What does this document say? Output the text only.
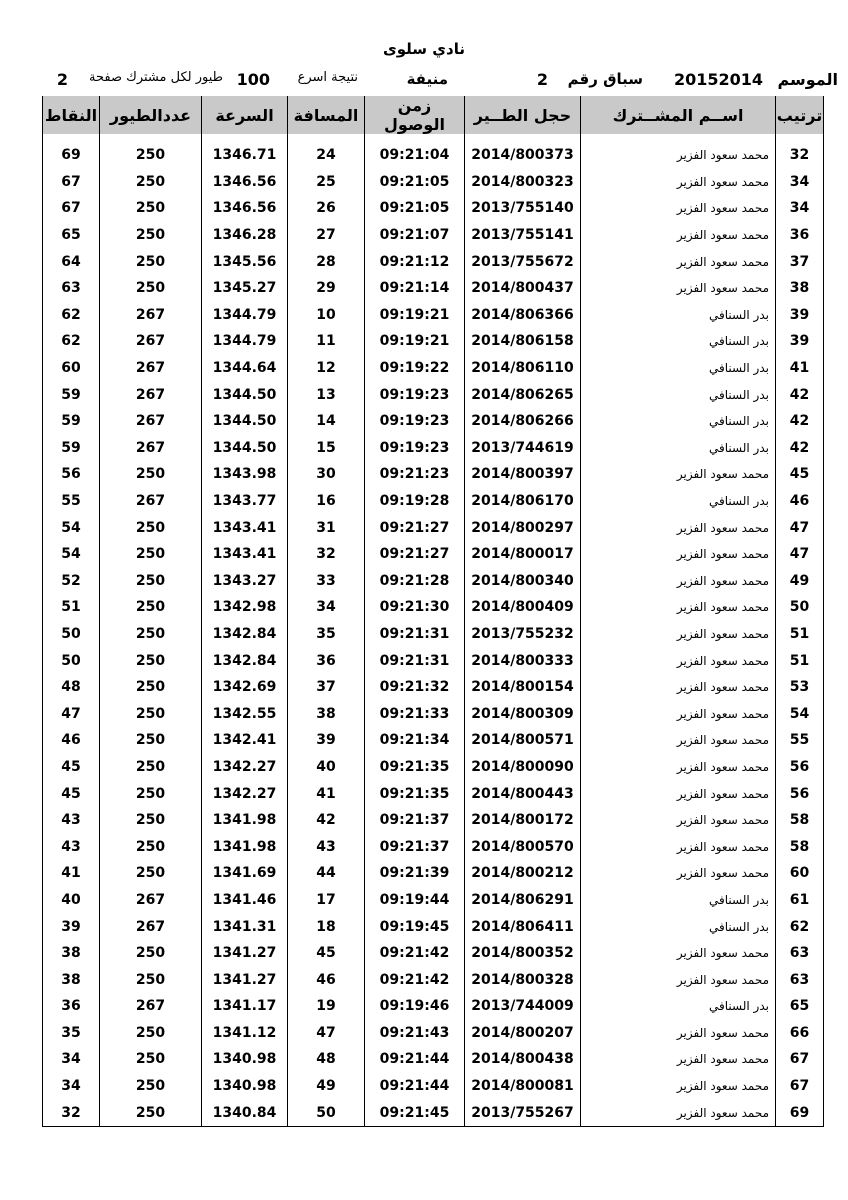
نادي سلوى
الموسم
20152014
سباق رقم
2
منيفة
نتيجة اسرع
100
طيور لكل مشترك صفحة
2
ترتيب	اســم المشــترك	حجل الطــير	زمن الوصول	المسافة	السرعة	عددالطيور	النقاط

32	محمد سعود الفزير	2014/800373	09:21:04	24	1346.71	250	69
34	محمد سعود الفزير	2014/800323	09:21:05	25	1346.56	250	67
34	محمد سعود الفزير	2013/755140	09:21:05	26	1346.56	250	67
36	محمد سعود الفزير	2013/755141	09:21:07	27	1346.28	250	65
37	محمد سعود الفزير	2013/755672	09:21:12	28	1345.56	250	64
38	محمد سعود الفزير	2014/800437	09:21:14	29	1345.27	250	63
39	بدر السنافي	2014/806366	09:19:21	10	1344.79	267	62
39	بدر السنافي	2014/806158	09:19:21	11	1344.79	267	62
41	بدر السنافي	2014/806110	09:19:22	12	1344.64	267	60
42	بدر السنافي	2014/806265	09:19:23	13	1344.50	267	59
42	بدر السنافي	2014/806266	09:19:23	14	1344.50	267	59
42	بدر السنافي	2013/744619	09:19:23	15	1344.50	267	59
45	محمد سعود الفزير	2014/800397	09:21:23	30	1343.98	250	56
46	بدر السنافي	2014/806170	09:19:28	16	1343.77	267	55
47	محمد سعود الفزير	2014/800297	09:21:27	31	1343.41	250	54
47	محمد سعود الفزير	2014/800017	09:21:27	32	1343.41	250	54
49	محمد سعود الفزير	2014/800340	09:21:28	33	1343.27	250	52
50	محمد سعود الفزير	2014/800409	09:21:30	34	1342.98	250	51
51	محمد سعود الفزير	2013/755232	09:21:31	35	1342.84	250	50
51	محمد سعود الفزير	2014/800333	09:21:31	36	1342.84	250	50
53	محمد سعود الفزير	2014/800154	09:21:32	37	1342.69	250	48
54	محمد سعود الفزير	2014/800309	09:21:33	38	1342.55	250	47
55	محمد سعود الفزير	2014/800571	09:21:34	39	1342.41	250	46
56	محمد سعود الفزير	2014/800090	09:21:35	40	1342.27	250	45
56	محمد سعود الفزير	2014/800443	09:21:35	41	1342.27	250	45
58	محمد سعود الفزير	2014/800172	09:21:37	42	1341.98	250	43
58	محمد سعود الفزير	2014/800570	09:21:37	43	1341.98	250	43
60	محمد سعود الفزير	2014/800212	09:21:39	44	1341.69	250	41
61	بدر السنافي	2014/806291	09:19:44	17	1341.46	267	40
62	بدر السنافي	2014/806411	09:19:45	18	1341.31	267	39
63	محمد سعود الفزير	2014/800352	09:21:42	45	1341.27	250	38
63	محمد سعود الفزير	2014/800328	09:21:42	46	1341.27	250	38
65	بدر السنافي	2013/744009	09:19:46	19	1341.17	267	36
66	محمد سعود الفزير	2014/800207	09:21:43	47	1341.12	250	35
67	محمد سعود الفزير	2014/800438	09:21:44	48	1340.98	250	34
67	محمد سعود الفزير	2014/800081	09:21:44	49	1340.98	250	34
69	محمد سعود الفزير	2013/755267	09:21:45	50	1340.84	250	32
